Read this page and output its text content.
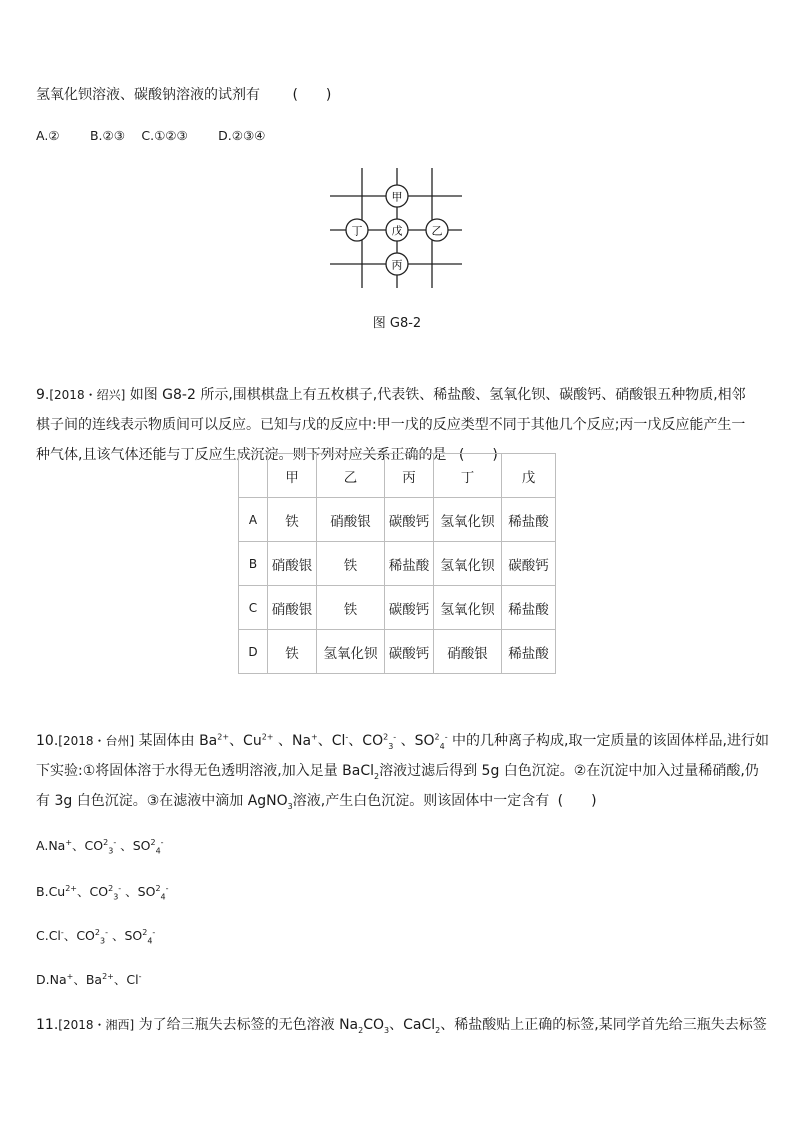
氢氧化钡溶液、碳酸钠溶液的试剂有 (　　)
A.② B.②③ C.①②③ D.②③④
甲
丁	戊	乙
丙
图 G8-2
9.[2018・绍兴] 如图 G8-2 所示,围棋棋盘上有五枚棋子,代表铁、稀盐酸、氢氧化钡、碳酸钙、硝酸银五种物质,相邻
棋子间的连线表示物质间可以反应。已知与戊的反应中:甲一戊的反应类型不同于其他几个反应;丙一戊反应能产生一
种气体,且该气体还能与丁反应生成沉淀。则下列对应关系正确的是 (　　)
	甲	乙	丙	丁	戊
A	铁	硝酸银	碳酸钙	氢氧化钡	稀盐酸
B	硝酸银	铁	稀盐酸	氢氧化钡	碳酸钙
C	硝酸银	铁	碳酸钙	氢氧化钡	稀盐酸
D	铁	氢氧化钡	碳酸钙	硝酸银	稀盐酸
10.[2018・台州] 某固体由 $Ba^{2+}$、$Cu^{2+}$ 、Na+、Cl-、$CO^2_3^-$ 、$SO^2_4^-$ 中的几种离子构成,取一定质量的该固体样品,进行如
下实验:①将固体溶于水得无色透明溶液,加入足量 BaCl$_2$溶液过滤后得到 5g 白色沉淀。②在沉淀中加入过量稀硝酸,仍
有 3g 白色沉淀。③在滤液中滴加 AgNO$_3$溶液,产生白色沉淀。则该固体中一定含有 (　　)
A.Na+、$CO^2_3^-$ 、$SO^2_4^-$
$B.Cu^{2+}$、$CO^2_3^-$ 、$SO^2_4^-$
C.Cl-、$CO^2_3^-$ 、$SO^2_4^-$
D.Na+、$Ba^{2+}$、Cl-
11.[2018・湘西] 为了给三瓶失去标签的无色溶液 $Na_2CO_3$、CaCl$_2$、稀盐酸贴上正确的标签,某同学首先给三瓶失去标签
